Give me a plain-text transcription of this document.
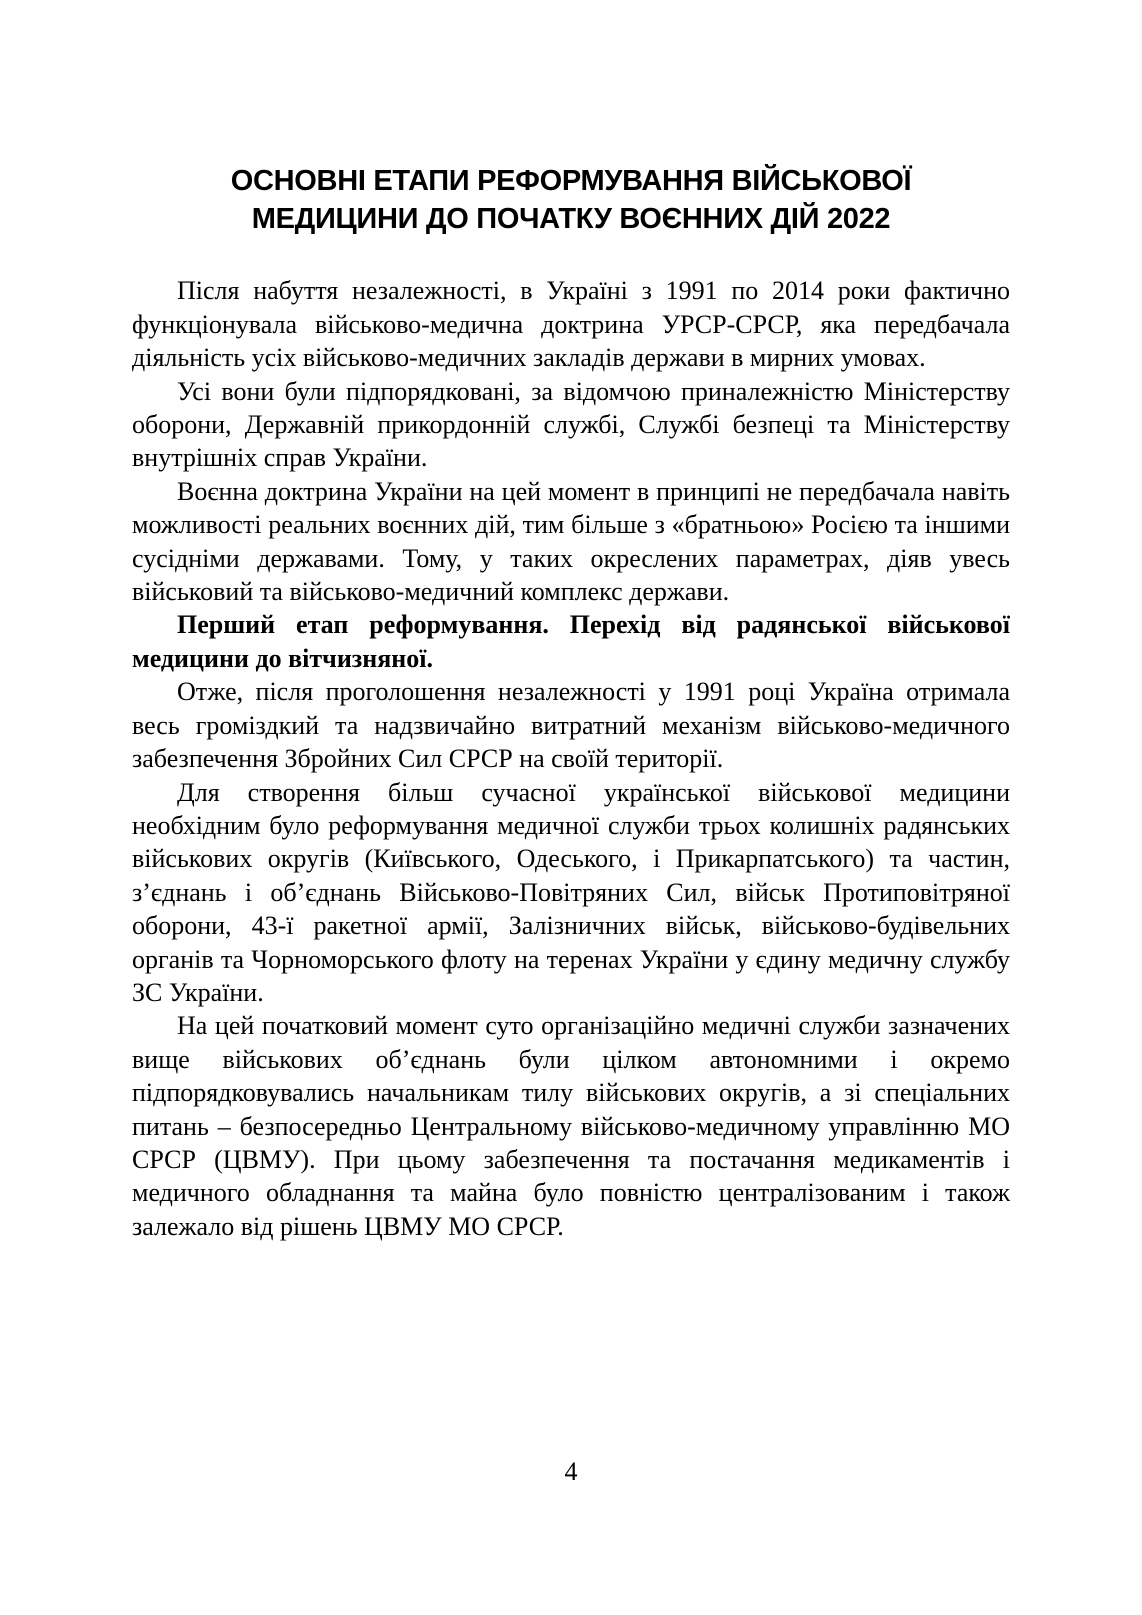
ОСНОВНІ ЕТАПИ РЕФОРМУВАННЯ ВІЙСЬКОВОЇ
МЕДИЦИНИ ДО ПОЧАТКУ ВОЄННИХ ДІЙ 2022

Після набуття незалежності, в Україні з 1991 по 2014 роки фактично функціонувала військово-медична доктрина УРСР-СРСР, яка передбачала діяльність усіх військово-медичних закладів держави в мирних умовах.

Усі вони були підпорядковані, за відомчою приналежністю Міністерству оборони, Державній прикордонній службі, Службі безпеці та Міністерству внутрішніх справ України.

Воєнна доктрина України на цей момент в принципі не передбачала навіть можливості реальних воєнних дій, тим більше з «братньою» Росією та іншими сусідніми державами. Тому, у таких окреслених параметрах, діяв увесь військовий та військово-медичний комплекс держави.

Перший етап реформування. Перехід від радянської військової медицини до вітчизняної.

Отже, після проголошення незалежності у 1991 році Україна отримала весь громіздкий та надзвичайно витратний механізм військово-медичного забезпечення Збройних Сил СРСР на своїй території.

Для створення більш сучасної української військової медицини необхідним було реформування медичної служби трьох колишніх радянських військових округів (Київського, Одеського, і Прикарпатського) та частин, з’єднань і об’єднань Військово-Повітряних Сил, військ Протиповітряної оборони, 43-ї ракетної армії, Залізничних військ, військово-будівельних органів та Чорноморського флоту на теренах України у єдину медичну службу ЗС України.

На цей початковий момент суто організаційно медичні служби зазначених вище військових об’єднань були цілком автономними і окремо підпорядковувались начальникам тилу військових округів, а зі спеціальних питань – безпосередньо Центральному військово-медичному управлінню МО СРСР (ЦВМУ). При цьому забезпечення та постачання медикаментів і медичного обладнання та майна було повністю централізованим і також залежало від рішень ЦВМУ МО СРСР.

4
